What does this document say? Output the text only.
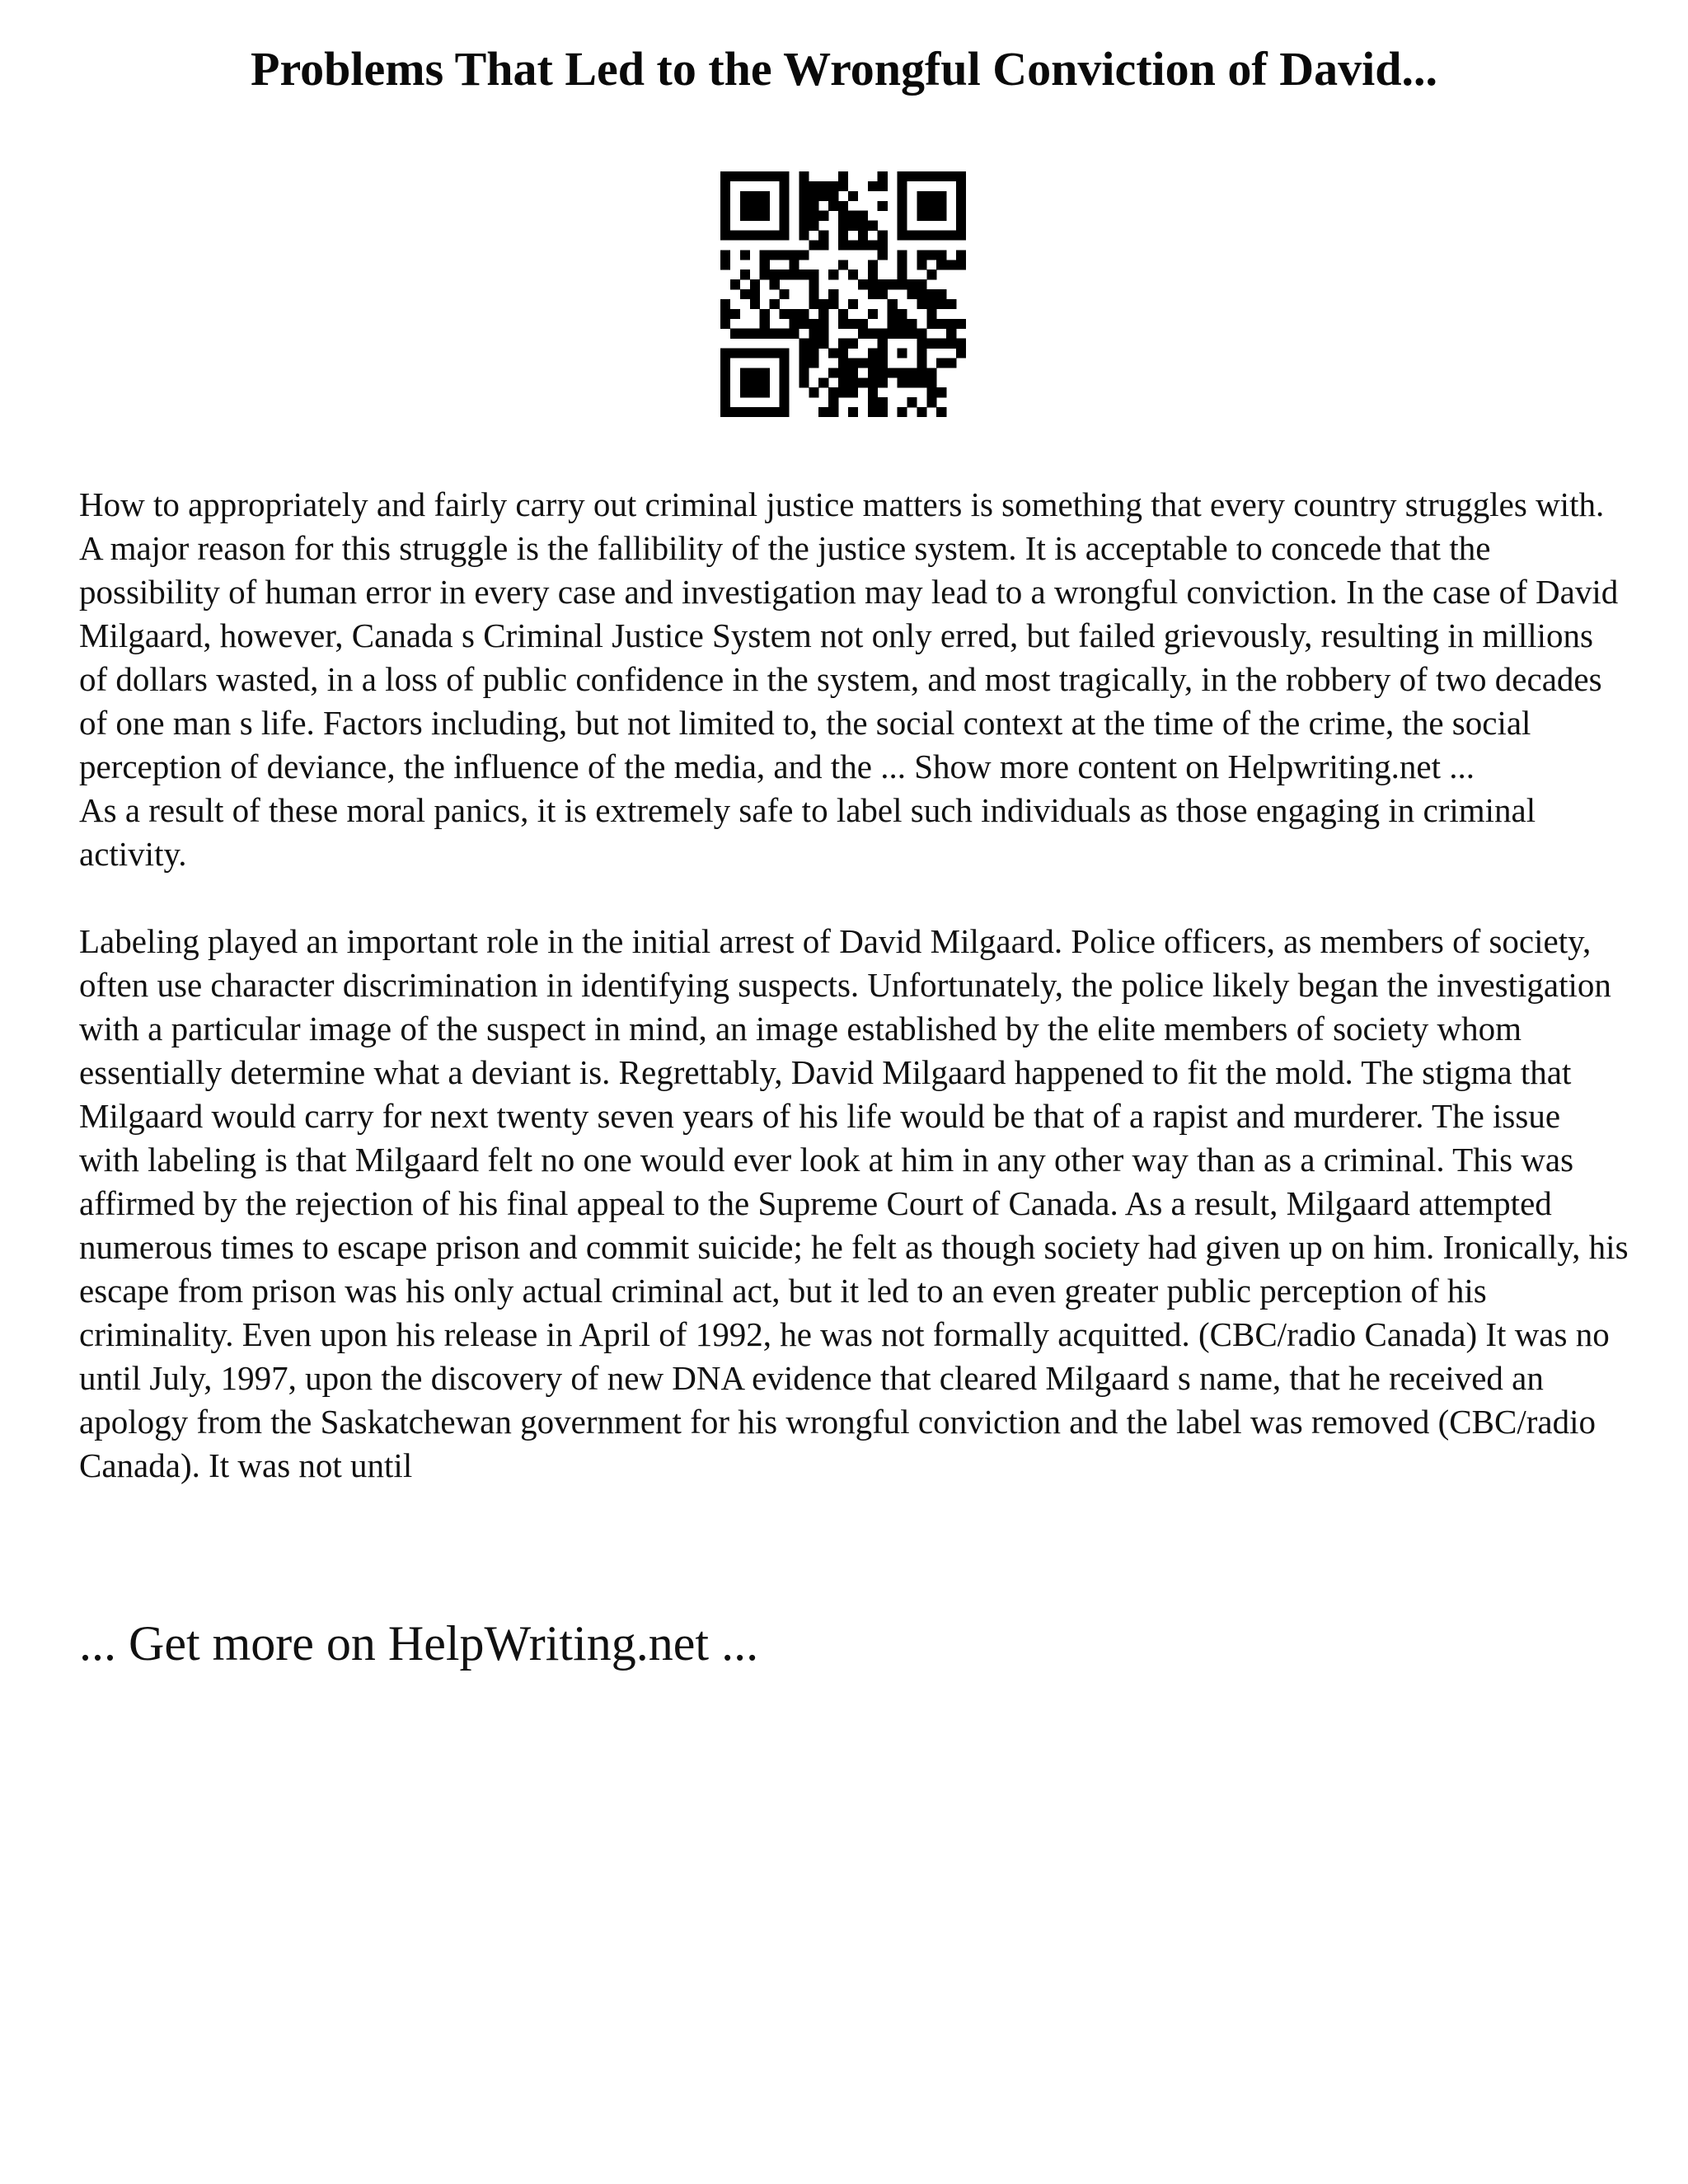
Problems That Led to the Wrongful Conviction of David...

How to appropriately and fairly carry out criminal justice matters is something that every country struggles with. A major reason for this struggle is the fallibility of the justice system. It is acceptable to concede that the possibility of human error in every case and investigation may lead to a wrongful conviction. In the case of David Milgaard, however, Canada s Criminal Justice System not only erred, but failed grievously, resulting in millions of dollars wasted, in a loss of public confidence in the system, and most tragically, in the robbery of two decades of one man s life. Factors including, but not limited to, the social context at the time of the crime, the social perception of deviance, the influence of the media, and the ... Show more content on Helpwriting.net ...

As a result of these moral panics, it is extremely safe to label such individuals as those engaging in criminal activity.

Labeling played an important role in the initial arrest of David Milgaard. Police officers, as members of society, often use character discrimination in identifying suspects. Unfortunately, the police likely began the investigation with a particular image of the suspect in mind, an image established by the elite members of society whom essentially determine what a deviant is. Regrettably, David Milgaard happened to fit the mold. The stigma that Milgaard would carry for next twenty seven years of his life would be that of a rapist and murderer. The issue with labeling is that Milgaard felt no one would ever look at him in any other way than as a criminal. This was affirmed by the rejection of his final appeal to the Supreme Court of Canada. As a result, Milgaard attempted numerous times to escape prison and commit suicide; he felt as though society had given up on him. Ironically, his escape from prison was his only actual criminal act, but it led to an even greater public perception of his criminality. Even upon his release in April of 1992, he was not formally acquitted. (CBC/radio Canada) It was no until July, 1997, upon the discovery of new DNA evidence that cleared Milgaard s name, that he received an apology from the Saskatchewan government for his wrongful conviction and the label was removed (CBC/radio Canada). It was not until

... Get more on HelpWriting.net ...
